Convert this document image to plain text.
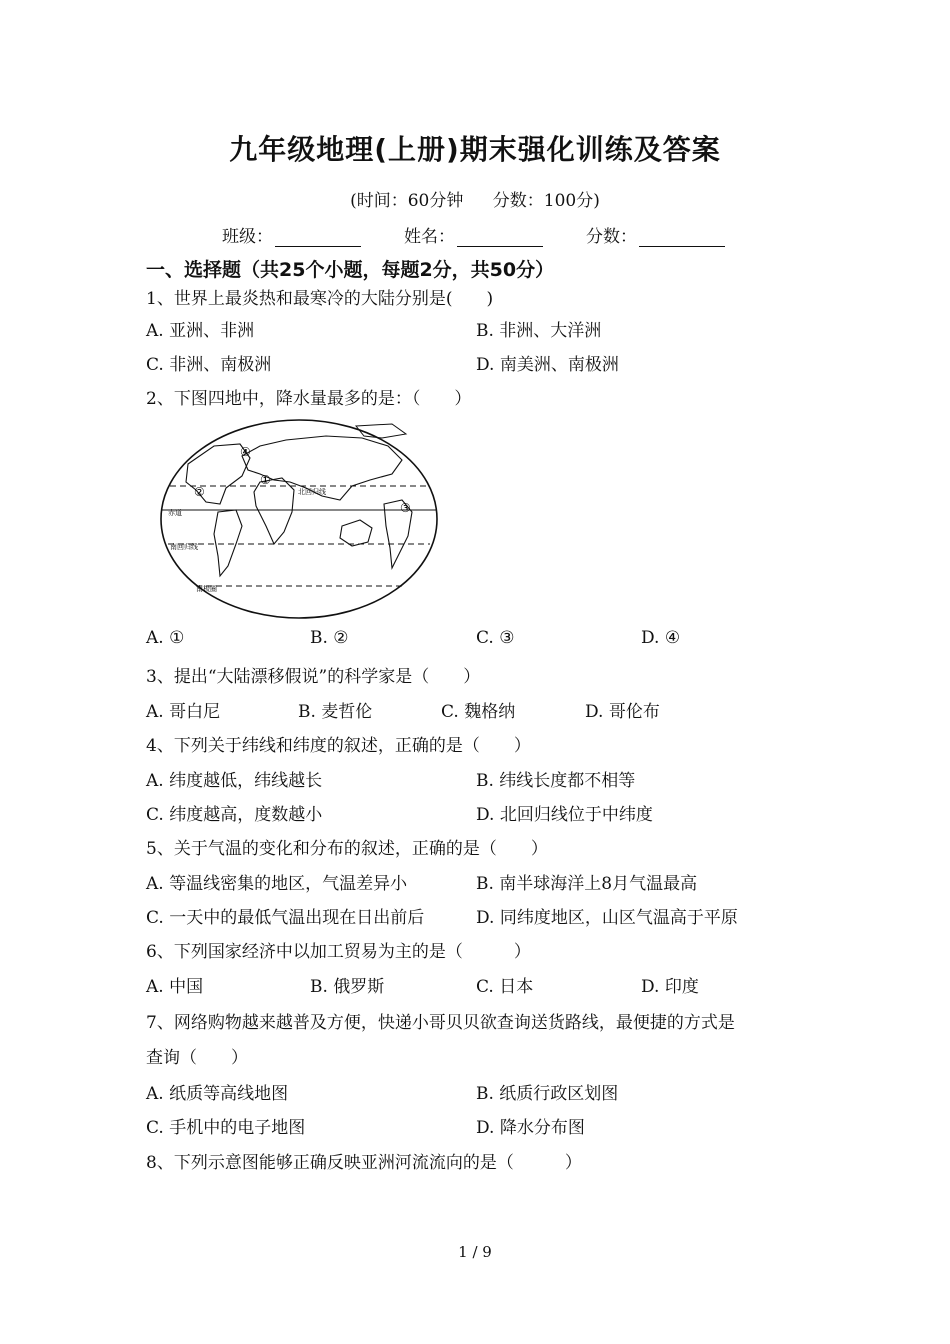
九年级地理(上册)期末强化训练及答案
(时间：60分钟 分数：100分)
班级：	姓名：	分数：
一、选择题（共25个小题，每题2分，共50分）
1、世界上最炎热和最寒冷的大陆分别是(　　)
A. 亚洲、非洲	B. 非洲、大洋洲
C. 非洲、南极洲	D. 南美洲、南极洲
2、下图四地中，降水量最多的是：（　　）
北回归线
赤道
南回归线
南极圈
①
②
③
④
A. ①	B. ②	C. ③	D. ④
3、提出“大陆漂移假说”的科学家是（　　）
A. 哥白尼	B. 麦哲伦	C. 魏格纳	D. 哥伦布
4、下列关于纬线和纬度的叙述，正确的是（　　）
A. 纬度越低，纬线越长	B. 纬线长度都不相等
C. 纬度越高，度数越小	D. 北回归线位于中纬度
5、关于气温的变化和分布的叙述，正确的是（　　）
A. 等温线密集的地区，气温差异小	B. 南半球海洋上8月气温最高
C. 一天中的最低气温出现在日出前后	D. 同纬度地区，山区气温高于平原
6、下列国家经济中以加工贸易为主的是（　　　）
A. 中国	B. 俄罗斯	C. 日本	D. 印度
7、网络购物越来越普及方便，快递小哥贝贝欲查询送货路线，最便捷的方式是
查询（　　）
A. 纸质等高线地图	B. 纸质行政区划图
C. 手机中的电子地图	D. 降水分布图
8、下列示意图能够正确反映亚洲河流流向的是（　　　）
1 / 9
